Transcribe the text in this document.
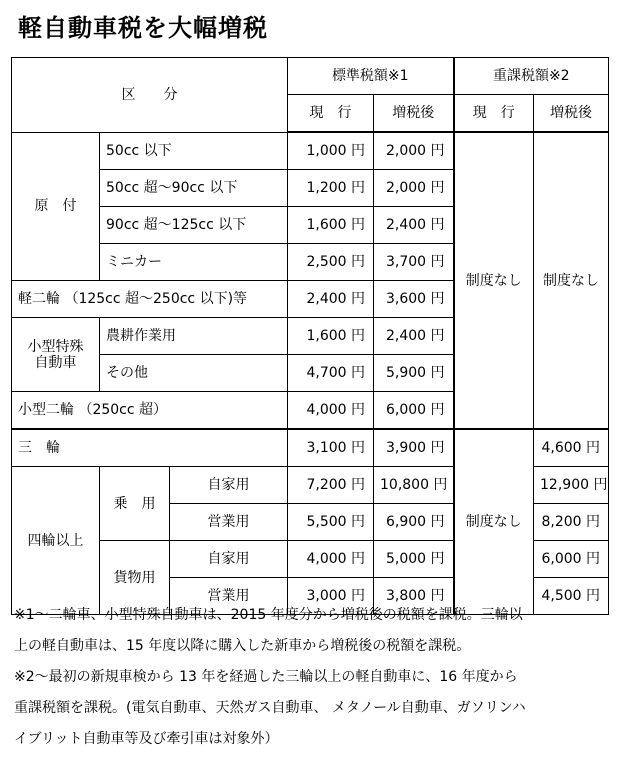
軽自動車税を大幅増税
区　　分			標準税額※1		重課税額※2	
			現　行	増税後	現　行	増税後
原　付	50cc 以下		1,000 円	2,000 円	制度なし	制度なし
	50cc 超～90cc 以下		1,200 円	2,000 円		
	90cc 超～125cc 以下		1,600 円	2,400 円		
	ミニカー		2,500 円	3,700 円		
軽二輪 （125cc 超～250cc 以下)等			2,400 円	3,600 円		
小型特殊
自動車	農耕作業用		1,600 円	2,400 円		
	その他		4,700 円	5,900 円		
小型二輪 （250cc 超）			4,000 円	6,000 円		
三　輪			3,100 円	3,900 円	制度なし	4,600 円
四輪以上	乗　用	自家用	7,200 円	10,800 円		12,900 円
		営業用	5,500 円	6,900 円		8,200 円
	貨物用	自家用	4,000 円	5,000 円		6,000 円
		営業用	3,000 円	3,800 円		4,500 円

※1～二輪車、小型特殊自動車は、2015 年度分から増税後の税額を課税。三輪以

上の軽自動車は、15 年度以降に購入した新車から増税後の税額を課税。

※2～最初の新規車検から 13 年を経過した三輪以上の軽自動車に、16 年度から

重課税額を課税。(電気自動車、天然ガス自動車、 メタノール自動車、ガソリンハ

イブリット自動車等及び牽引車は対象外）
